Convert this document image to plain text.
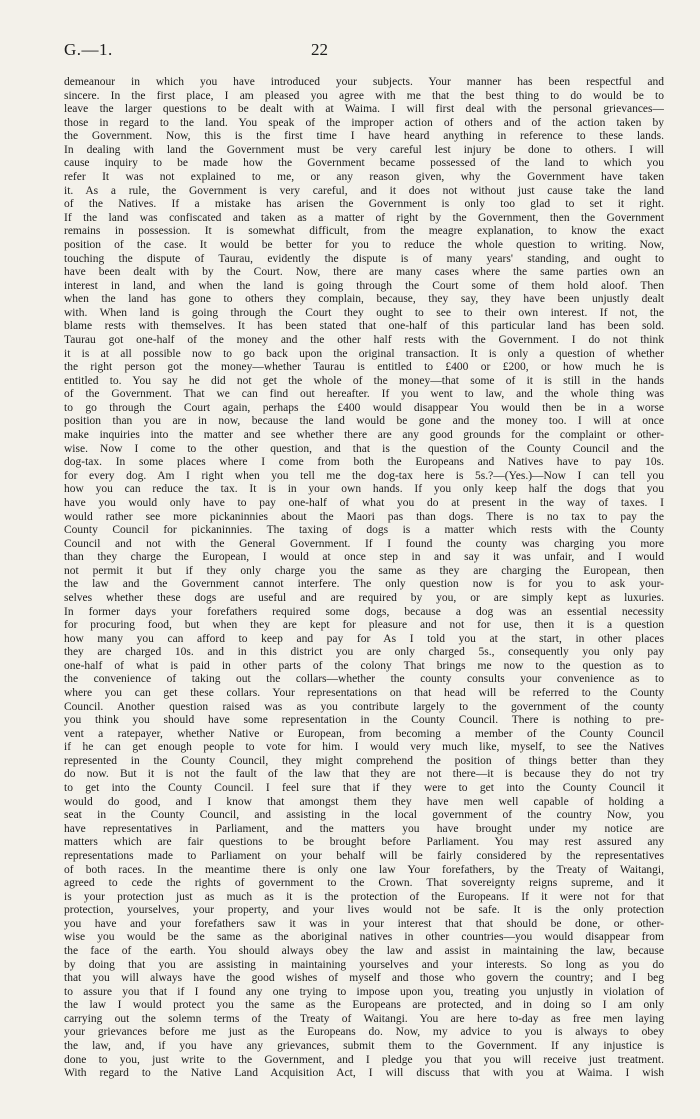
G.—1.	22
demeanour in which you have introduced your subjects. Your manner has been respectful and
sincere. In the first place, I am pleased you agree with me that the best thing to do would be to
leave the larger questions to be dealt with at Waima. I will first deal with the personal grievances—
those in regard to the land. You speak of the improper action of others and of the action taken by
the Government. Now, this is the first time I have heard anything in reference to these lands.
In dealing with land the Government must be very careful lest injury be done to others. I will
cause inquiry to be made how the Government became possessed of the land to which you
refer It was not explained to me, or any reason given, why the Government have taken
it. As a rule, the Government is very careful, and it does not without just cause take the land
of the Natives. If a mistake has arisen the Government is only too glad to set it right.
If the land was confiscated and taken as a matter of right by the Government, then the Government
remains in possession. It is somewhat difficult, from the meagre explanation, to know the exact
position of the case. It would be better for you to reduce the whole question to writing. Now,
touching the dispute of Taurau, evidently the dispute is of many years' standing, and ought to
have been dealt with by the Court. Now, there are many cases where the same parties own an
interest in land, and when the land is going through the Court some of them hold aloof. Then
when the land has gone to others they complain, because, they say, they have been unjustly dealt
with. When land is going through the Court they ought to see to their own interest. If not, the
blame rests with themselves. It has been stated that one-half of this particular land has been sold.
Taurau got one-half of the money and the other half rests with the Government. I do not think
it is at all possible now to go back upon the original transaction. It is only a question of whether
the right person got the money—whether Taurau is entitled to £400 or £200, or how much he is
entitled to. You say he did not get the whole of the money—that some of it is still in the hands
of the Government. That we can find out hereafter. If you went to law, and the whole thing was
to go through the Court again, perhaps the £400 would disappear You would then be in a worse
position than you are in now, because the land would be gone and the money too. I will at once
make inquiries into the matter and see whether there are any good grounds for the complaint or other-
wise. Now I come to the other question, and that is the question of the County Council and the
dog-tax. In some places where I come from both the Europeans and Natives have to pay 10s.
for every dog. Am I right when you tell me the dog-tax here is 5s.?—(Yes.)—Now I can tell you
how you can reduce the tax. It is in your own hands. If you only keep half the dogs that you
have you would only have to pay one-half of what you do at present in the way of taxes. I
would rather see more pickaninnies about the Maori pas than dogs. There is no tax to pay the
County Council for pickaninnies. The taxing of dogs is a matter which rests with the County
Council and not with the General Government. If I found the county was charging you more
than they charge the European, I would at once step in and say it was unfair, and I would
not permit it but if they only charge you the same as they are charging the European, then
the law and the Government cannot interfere. The only question now is for you to ask your-
selves whether these dogs are useful and are required by you, or are simply kept as luxuries.
In former days your forefathers required some dogs, because a dog was an essential necessity
for procuring food, but when they are kept for pleasure and not for use, then it is a question
how many you can afford to keep and pay for As I told you at the start, in other places
they are charged 10s. and in this district you are only charged 5s., consequently you only pay
one-half of what is paid in other parts of the colony That brings me now to the question as to
the convenience of taking out the collars—whether the county consults your convenience as to
where you can get these collars. Your representations on that head will be referred to the County
Council. Another question raised was as you contribute largely to the government of the county
you think you should have some representation in the County Council. There is nothing to pre-
vent a ratepayer, whether Native or European, from becoming a member of the County Council
if he can get enough people to vote for him. I would very much like, myself, to see the Natives
represented in the County Council, they might comprehend the position of things better than they
do now. But it is not the fault of the law that they are not there—it is because they do not try
to get into the County Council. I feel sure that if they were to get into the County Council it
would do good, and I know that amongst them they have men well capable of holding a
seat in the County Council, and assisting in the local government of the country Now, you
have representatives in Parliament, and the matters you have brought under my notice are
matters which are fair questions to be brought before Parliament. You may rest assured any
representations made to Parliament on your behalf will be fairly considered by the representatives
of both races. In the meantime there is only one law Your forefathers, by the Treaty of Waitangi,
agreed to cede the rights of government to the Crown. That sovereignty reigns supreme, and it
is your protection just as much as it is the protection of the Europeans. If it were not for that
protection, yourselves, your property, and your lives would not be safe. It is the only protection
you have and your forefathers saw it was in your interest that that should be done, or other-
wise you would be the same as the aboriginal natives in other countries—you would disappear from
the face of the earth. You should always obey the law and assist in maintaining the law, because
by doing that you are assisting in maintaining yourselves and your interests. So long as you do
that you will always have the good wishes of myself and those who govern the country; and I beg
to assure you that if I found any one trying to impose upon you, treating you unjustly in violation of
the law I would protect you the same as the Europeans are protected, and in doing so I am only
carrying out the solemn terms of the Treaty of Waitangi. You are here to-day as free men laying
your grievances before me just as the Europeans do. Now, my advice to you is always to obey
the law, and, if you have any grievances, submit them to the Government. If any injustice is
done to you, just write to the Government, and I pledge you that you will receive just treatment.
With regard to the Native Land Acquisition Act, I will discuss that with you at Waima. I wish
